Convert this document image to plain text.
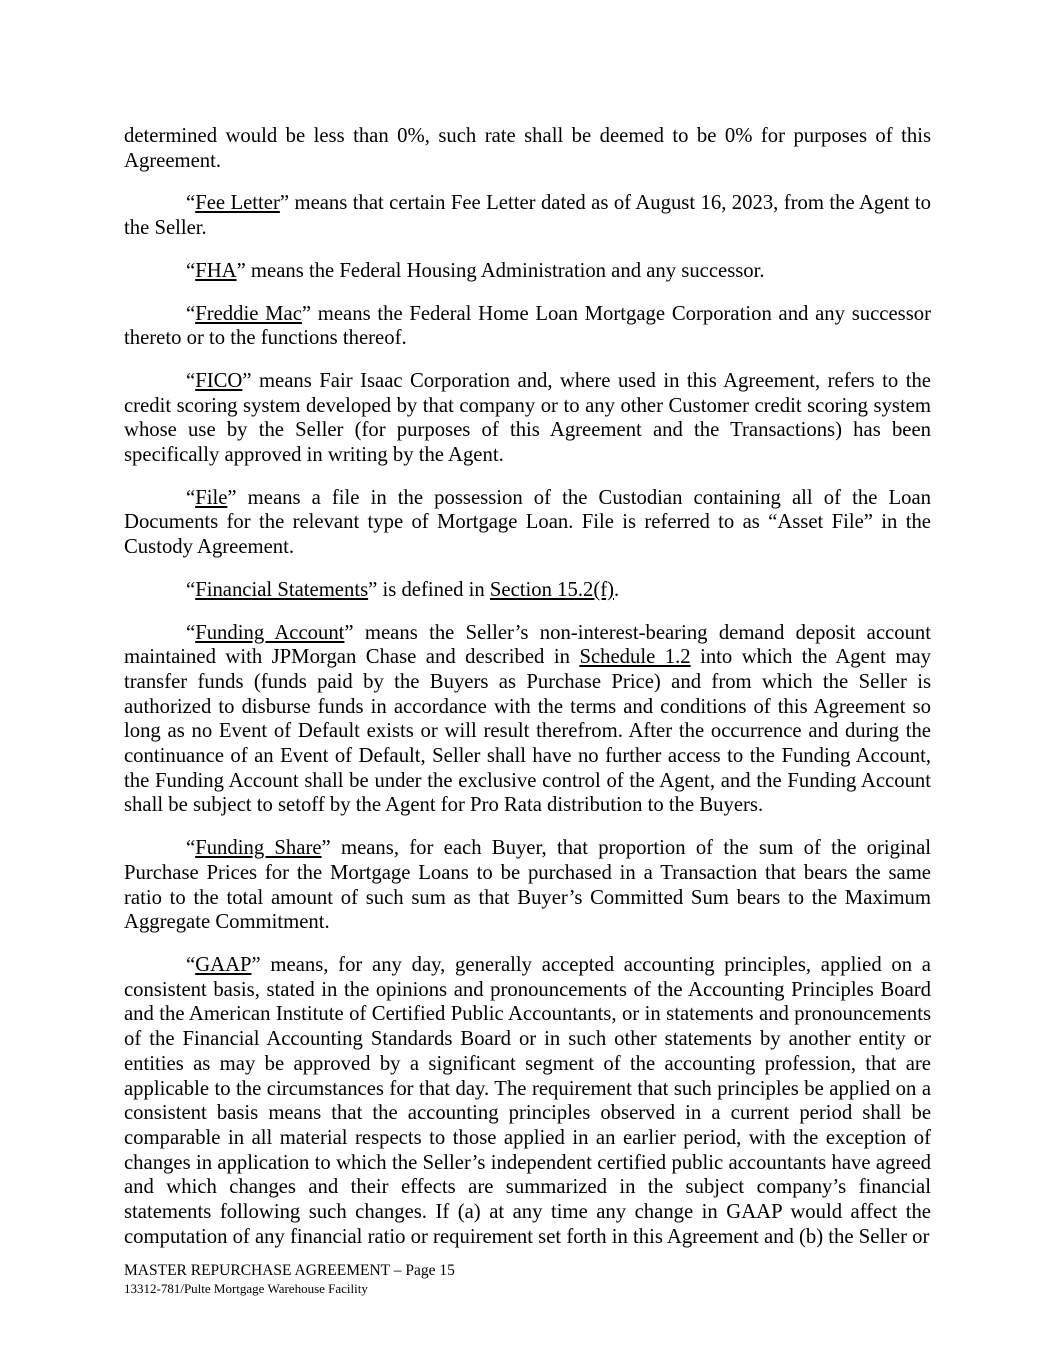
determined would be less than 0%, such rate shall be deemed to be 0% for purposes of this Agreement.

“Fee Letter” means that certain Fee Letter dated as of August 16, 2023, from the Agent to the Seller.

“FHA” means the Federal Housing Administration and any successor.

“Freddie Mac” means the Federal Home Loan Mortgage Corporation and any successor thereto or to the functions thereof.

“FICO” means Fair Isaac Corporation and, where used in this Agreement, refers to the credit scoring system developed by that company or to any other Customer credit scoring system whose use by the Seller (for purposes of this Agreement and the Transactions) has been specifically approved in writing by the Agent.

“File” means a file in the possession of the Custodian containing all of the Loan Documents for the relevant type of Mortgage Loan. File is referred to as “Asset File” in the Custody Agreement.

“Financial Statements” is defined in Section 15.2(f).

“Funding Account” means the Seller’s non-interest-bearing demand deposit account maintained with JPMorgan Chase and described in Schedule 1.2 into which the Agent may transfer funds (funds paid by the Buyers as Purchase Price) and from which the Seller is authorized to disburse funds in accordance with the terms and conditions of this Agreement so long as no Event of Default exists or will result therefrom. After the occurrence and during the continuance of an Event of Default, Seller shall have no further access to the Funding Account, the Funding Account shall be under the exclusive control of the Agent, and the Funding Account shall be subject to setoff by the Agent for Pro Rata distribution to the Buyers.

“Funding Share” means, for each Buyer, that proportion of the sum of the original Purchase Prices for the Mortgage Loans to be purchased in a Transaction that bears the same ratio to the total amount of such sum as that Buyer’s Committed Sum bears to the Maximum Aggregate Commitment.

“GAAP” means, for any day, generally accepted accounting principles, applied on a consistent basis, stated in the opinions and pronouncements of the Accounting Principles Board and the American Institute of Certified Public Accountants, or in statements and pronouncements of the Financial Accounting Standards Board or in such other statements by another entity or entities as may be approved by a significant segment of the accounting profession, that are applicable to the circumstances for that day. The requirement that such principles be applied on a consistent basis means that the accounting principles observed in a current period shall be comparable in all material respects to those applied in an earlier period, with the exception of changes in application to which the Seller’s independent certified public accountants have agreed and which changes and their effects are summarized in the subject company’s financial statements following such changes. If (a) at any time any change in GAAP would affect the computation of any financial ratio or requirement set forth in this Agreement and (b) the Seller or

MASTER REPURCHASE AGREEMENT – Page 15
13312-781/Pulte Mortgage Warehouse Facility
